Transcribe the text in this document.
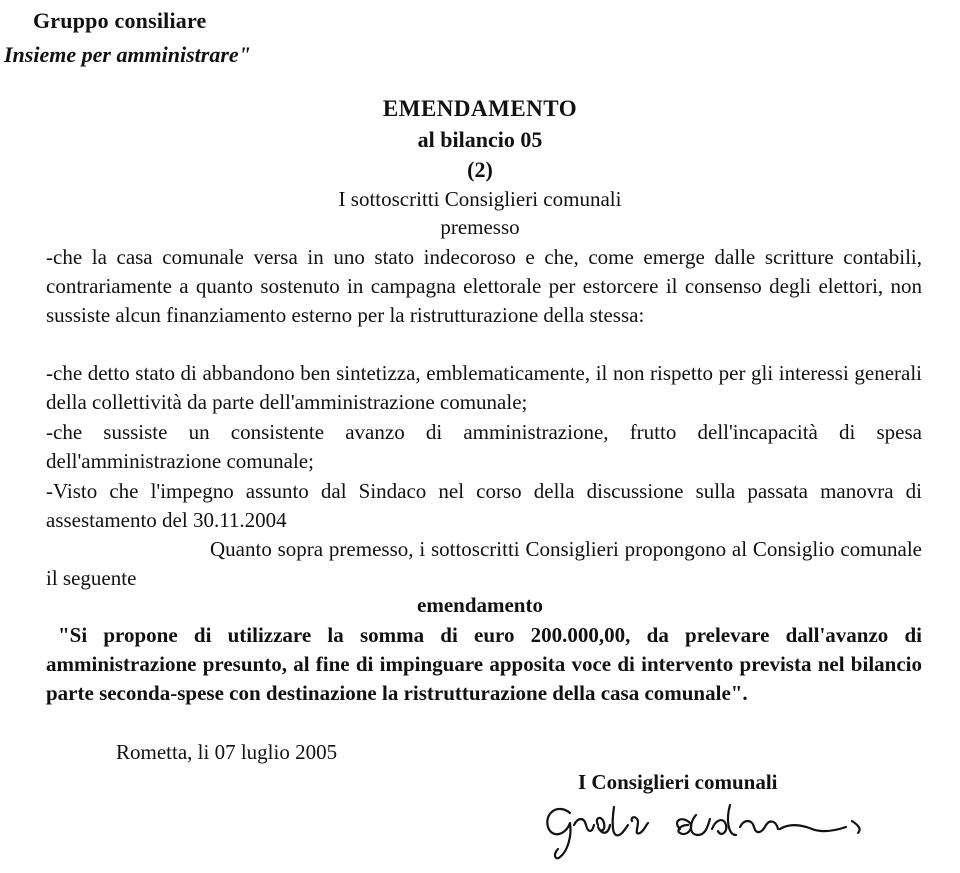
Gruppo consiliare
Insieme per amministrare"
EMENDAMENTO
al bilancio 05
(2)
I sottoscritti Consiglieri comunali
premesso
-che la casa comunale versa in uno stato indecoroso e che, come emerge dalle scritture contabili, contrariamente a quanto sostenuto in campagna elettorale per estorcere il consenso degli elettori, non sussiste alcun finanziamento esterno per la ristrutturazione della stessa:
-che detto stato di abbandono ben sintetizza, emblematicamente, il non rispetto per gli interessi generali della collettività da parte dell'amministrazione comunale;
-che sussiste un consistente avanzo di amministrazione, frutto dell'incapacità di spesa dell'amministrazione comunale;
-Visto che l'impegno assunto dal Sindaco nel corso della discussione sulla passata manovra di assestamento del 30.11.2004
Quanto sopra premesso, i sottoscritti Consiglieri propongono al Consiglio comunale il seguente
emendamento
"Si propone di utilizzare la somma di euro 200.000,00, da prelevare dall'avanzo di amministrazione presunto, al fine di impinguare apposita voce di intervento prevista nel bilancio parte seconda-spese con destinazione la ristrutturazione della casa comunale".
Rometta, li 07 luglio 2005
I Consiglieri comunali
